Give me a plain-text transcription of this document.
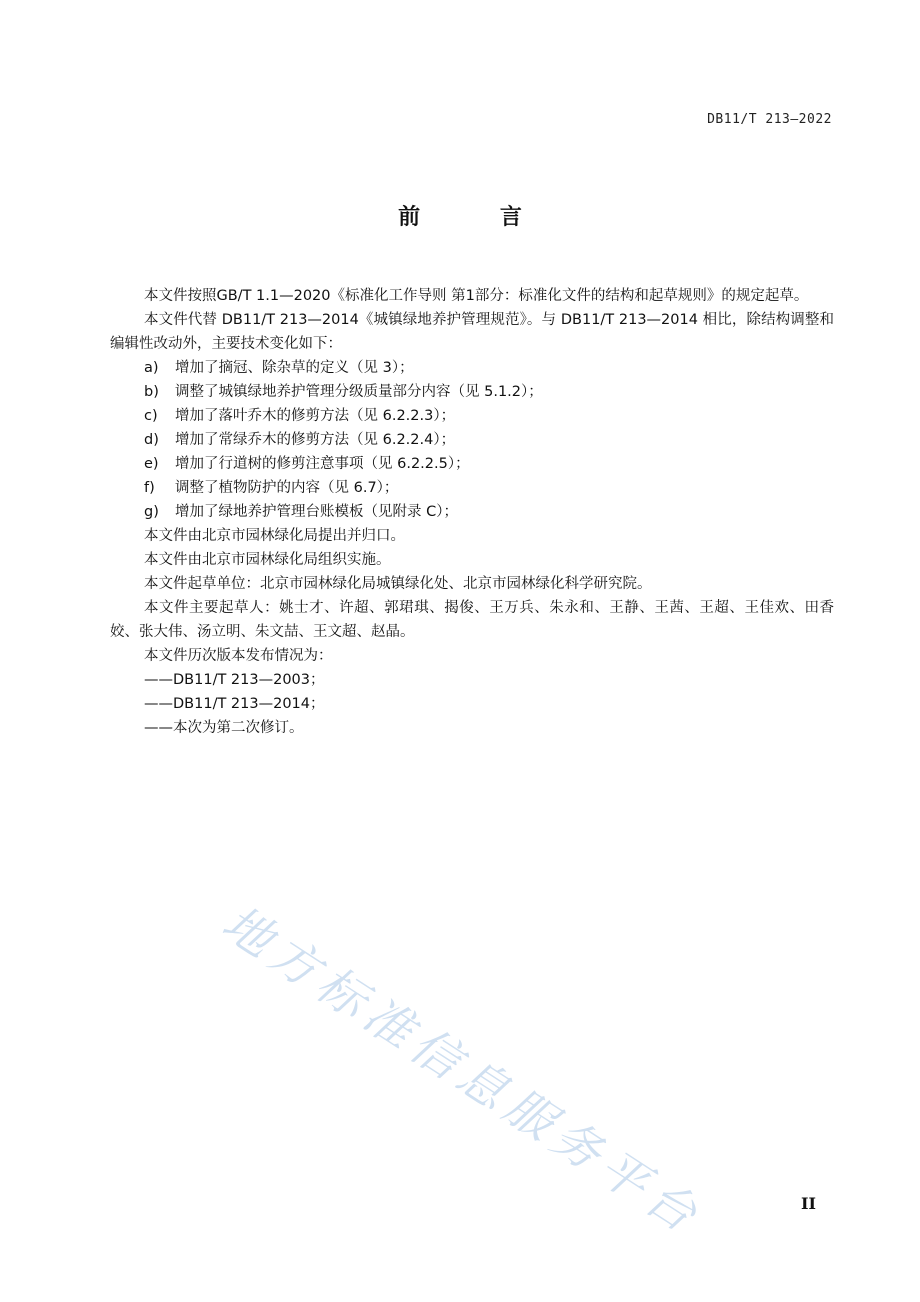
DB11/T 213—2022
前 言

本文件按照GB/T 1.1—2020《标准化工作导则 第1部分：标准化文件的结构和起草规则》的规定起草。

本文件代替 DB11/T 213—2014《城镇绿地养护管理规范》。与 DB11/T 213—2014 相比，除结构调整和编辑性改动外，主要技术变化如下：

a)	增加了摘冠、除杂草的定义（见 3）；
b)	调整了城镇绿地养护管理分级质量部分内容（见 5.1.2）；
c)	增加了落叶乔木的修剪方法（见 6.2.2.3）；
d)	增加了常绿乔木的修剪方法（见 6.2.2.4）；
e)	增加了行道树的修剪注意事项（见 6.2.2.5）；
f)	调整了植物防护的内容（见 6.7）；
g)	增加了绿地养护管理台账模板（见附录 C）；

本文件由北京市园林绿化局提出并归口。

本文件由北京市园林绿化局组织实施。

本文件起草单位：北京市园林绿化局城镇绿化处、北京市园林绿化科学研究院。

本文件主要起草人：姚士才、许超、郭珺琪、揭俊、王万兵、朱永和、王静、王茜、王超、王佳欢、田香姣、张大伟、汤立明、朱文喆、王文超、赵晶。

本文件历次版本发布情况为：

——DB11/T 213—2003；

——DB11/T 213—2014；

——本次为第二次修订。

地方标准信息服务平台	II
